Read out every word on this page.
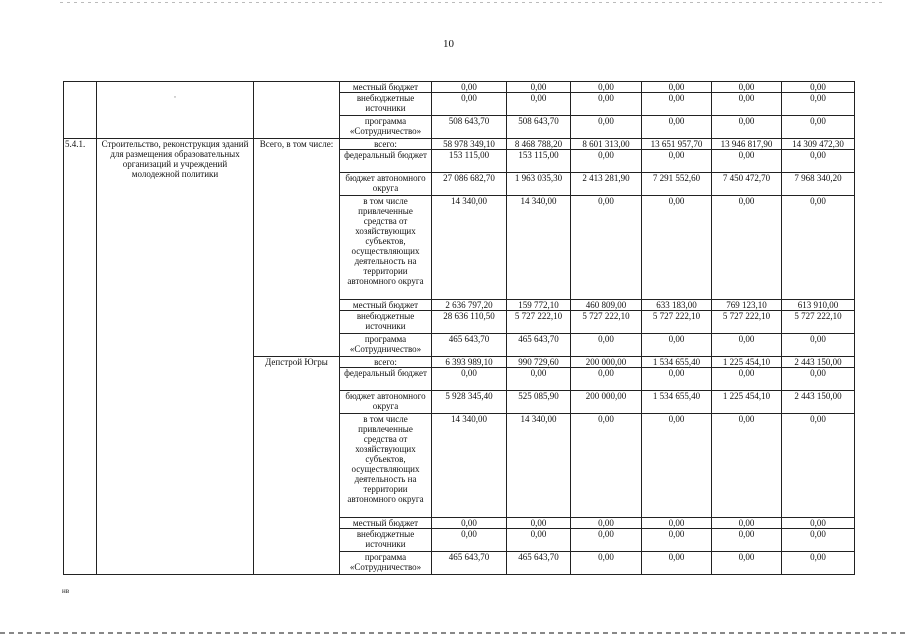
10

	·		местный бюджет	0,00	0,00	0,00	0,00	0,00	0,00
			внебюджетные источники	0,00	0,00	0,00	0,00	0,00	0,00
			программа «Сотрудничество»	508 643,70	508 643,70	0,00	0,00	0,00	0,00
5.4.1.	Строительство, реконструкция зданий для размещения образовательных организаций и учреждений молодежной политики	Всего, в том числе:	всего:	58 978 349,10	8 468 788,20	8 601 313,00	13 651 957,70	13 946 817,90	14 309 472,30
			федеральный бюджет	153 115,00	153 115,00	0,00	0,00	0,00	0,00
			бюджет автономного округа	27 086 682,70	1 963 035,30	2 413 281,90	7 291 552,60	7 450 472,70	7 968 340,20
			в том числе привлеченные средства от хозяйствующих субъектов, осуществляющих деятельность на территории автономного округа	14 340,00	14 340,00	0,00	0,00	0,00	0,00
			местный бюджет	2 636 797,20	159 772,10	460 809,00	633 183,00	769 123,10	613 910,00
			внебюджетные источники	28 636 110,50	5 727 222,10	5 727 222,10	5 727 222,10	5 727 222,10	5 727 222,10
			программа «Сотрудничество»	465 643,70	465 643,70	0,00	0,00	0,00	0,00
		Депстрой Югры	всего:	6 393 989,10	990 729,60	200 000,00	1 534 655,40	1 225 454,10	2 443 150,00
			федеральный бюджет	0,00	0,00	0,00	0,00	0,00	0,00
			бюджет автономного округа	5 928 345,40	525 085,90	200 000,00	1 534 655,40	1 225 454,10	2 443 150,00
			в том числе привлеченные средства от хозяйствующих субъектов, осуществляющих деятельность на территории автономного округа	14 340,00	14 340,00	0,00	0,00	0,00	0,00
			местный бюджет	0,00	0,00	0,00	0,00	0,00	0,00
			внебюджетные источники	0,00	0,00	0,00	0,00	0,00	0,00
			программа «Сотрудничество»	465 643,70	465 643,70	0,00	0,00	0,00	0,00
нв
